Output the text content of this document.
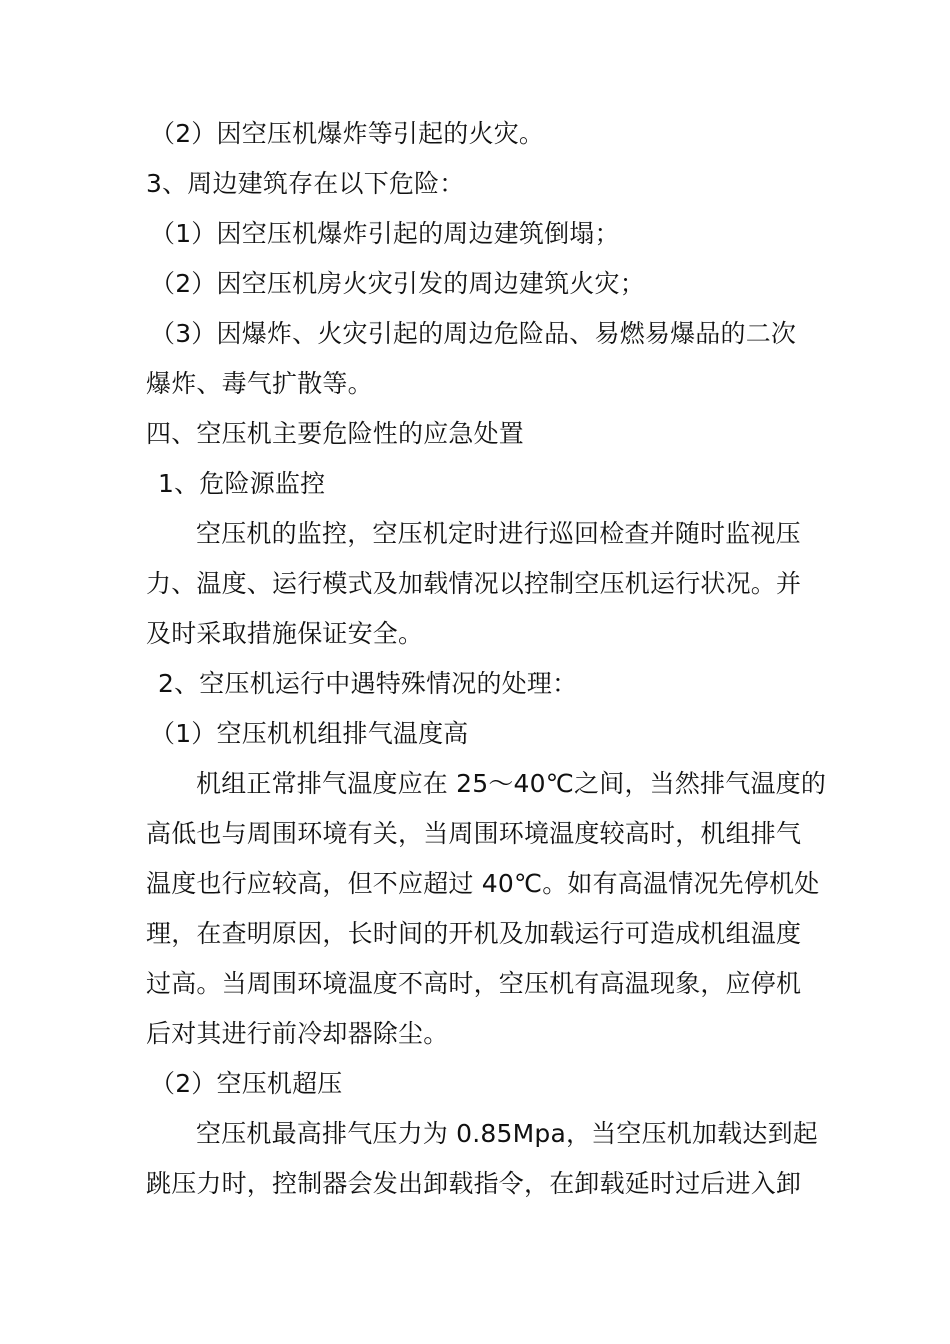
（2）因空压机爆炸等引起的火灾。
3、周边建筑存在以下危险：
（1）因空压机爆炸引起的周边建筑倒塌；
（2）因空压机房火灾引发的周边建筑火灾；
（3）因爆炸、火灾引起的周边危险品、易燃易爆品的二次
爆炸、毒气扩散等。
四、空压机主要危险性的应急处置
1、危险源监控
空压机的监控，空压机定时进行巡回检查并随时监视压
力、温度、运行模式及加载情况以控制空压机运行状况。并
及时采取措施保证安全。
2、空压机运行中遇特殊情况的处理：
（1）空压机机组排气温度高
机组正常排气温度应在 25～40℃之间，当然排气温度的
高低也与周围环境有关，当周围环境温度较高时，机组排气
温度也行应较高，但不应超过 40℃。如有高温情况先停机处
理，在查明原因，长时间的开机及加载运行可造成机组温度
过高。当周围环境温度不高时，空压机有高温现象，应停机
后对其进行前冷却器除尘。
（2）空压机超压
空压机最高排气压力为 0.85Mpa，当空压机加载达到起
跳压力时，控制器会发出卸载指令，在卸载延时过后进入卸
